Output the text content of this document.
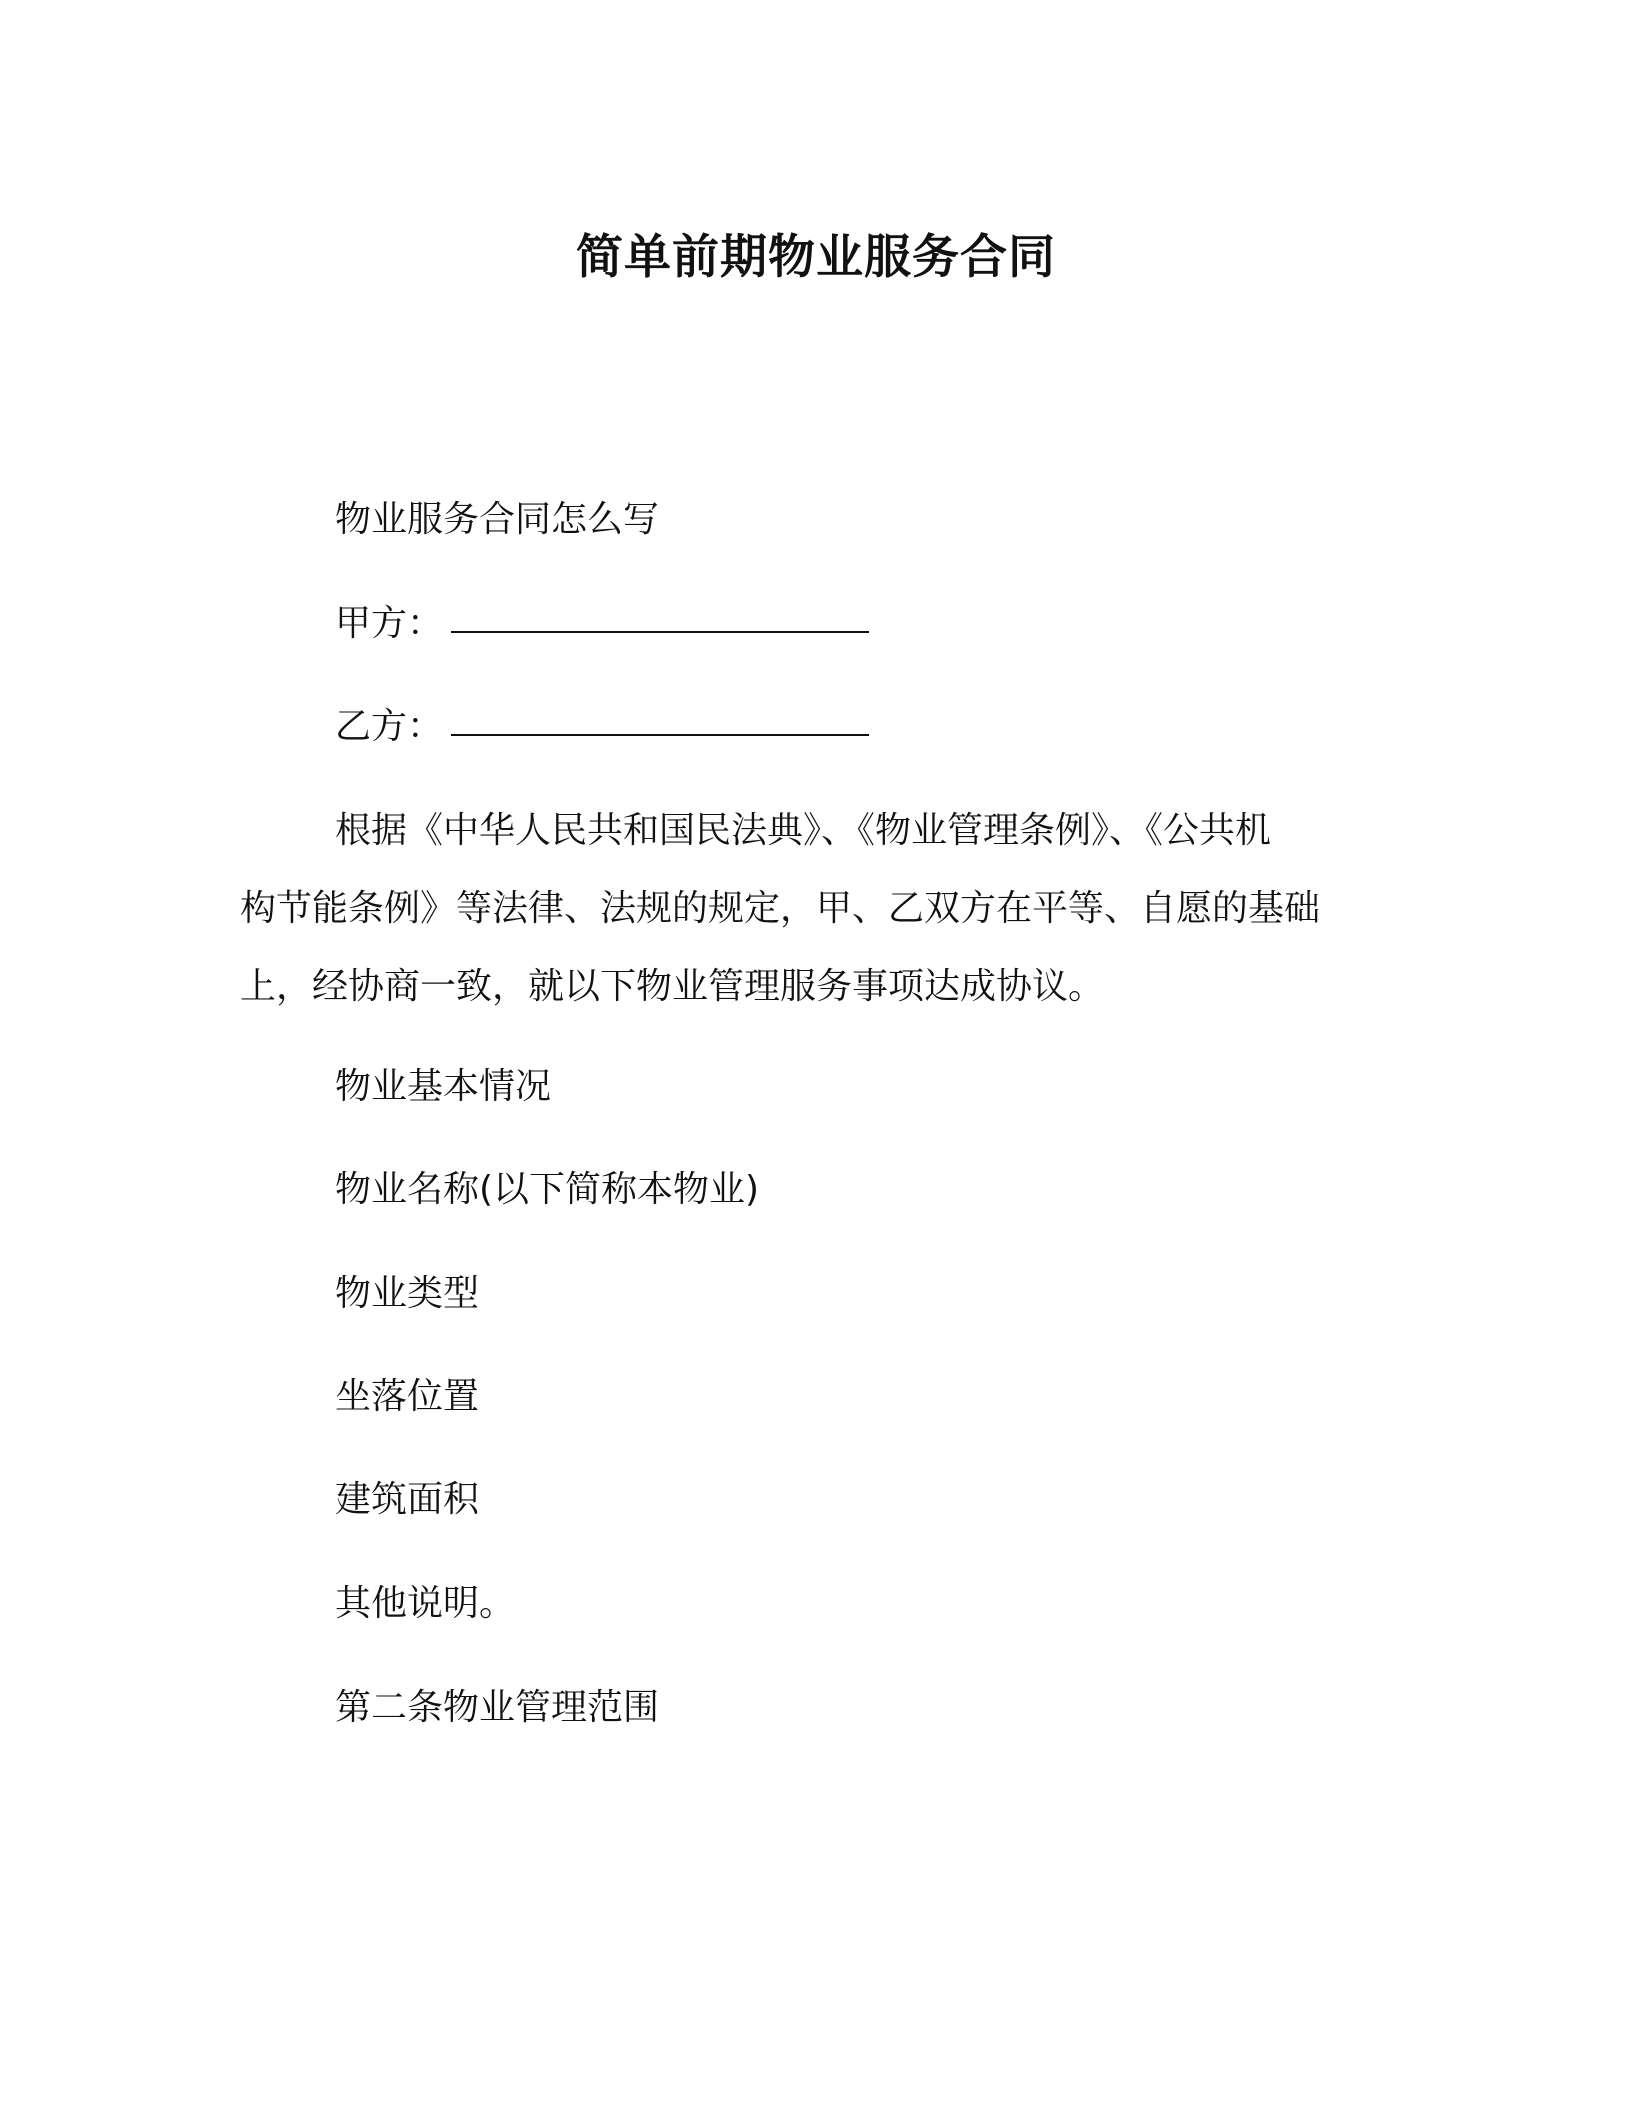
简单前期物业服务合同

物业服务合同怎么写

甲方：

乙方：

根据《中华人民共和国民法典》、《物业管理条例》、《公共机
构节能条例》等法律、法规的规定，甲、乙双方在平等、自愿的基础
上，经协商一致，就以下物业管理服务事项达成协议。

物业基本情况

物业名称(以下简称本物业)

物业类型

坐落位置

建筑面积

其他说明。

第二条物业管理范围
